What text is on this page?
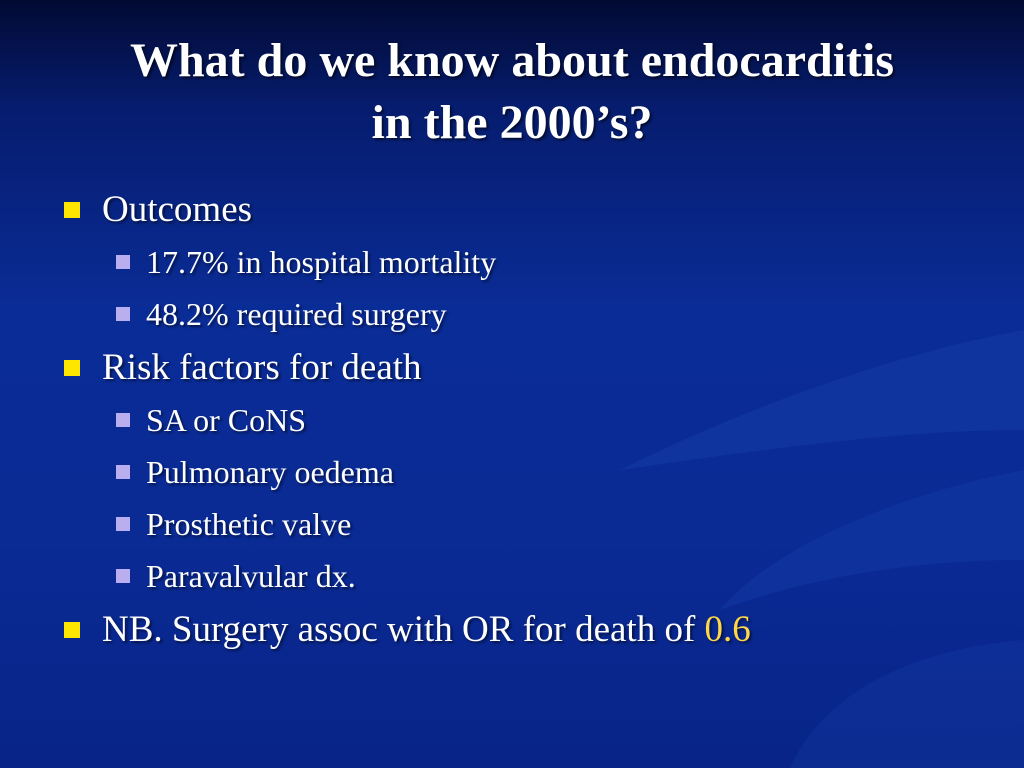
What do we know about endocarditis
in the 2000’s?
Outcomes
17.7% in hospital mortality
48.2% required surgery
Risk factors for death
SA or CoNS
Pulmonary oedema
Prosthetic valve
Paravalvular dx.
NB. Surgery assoc with OR for death of 0.6
